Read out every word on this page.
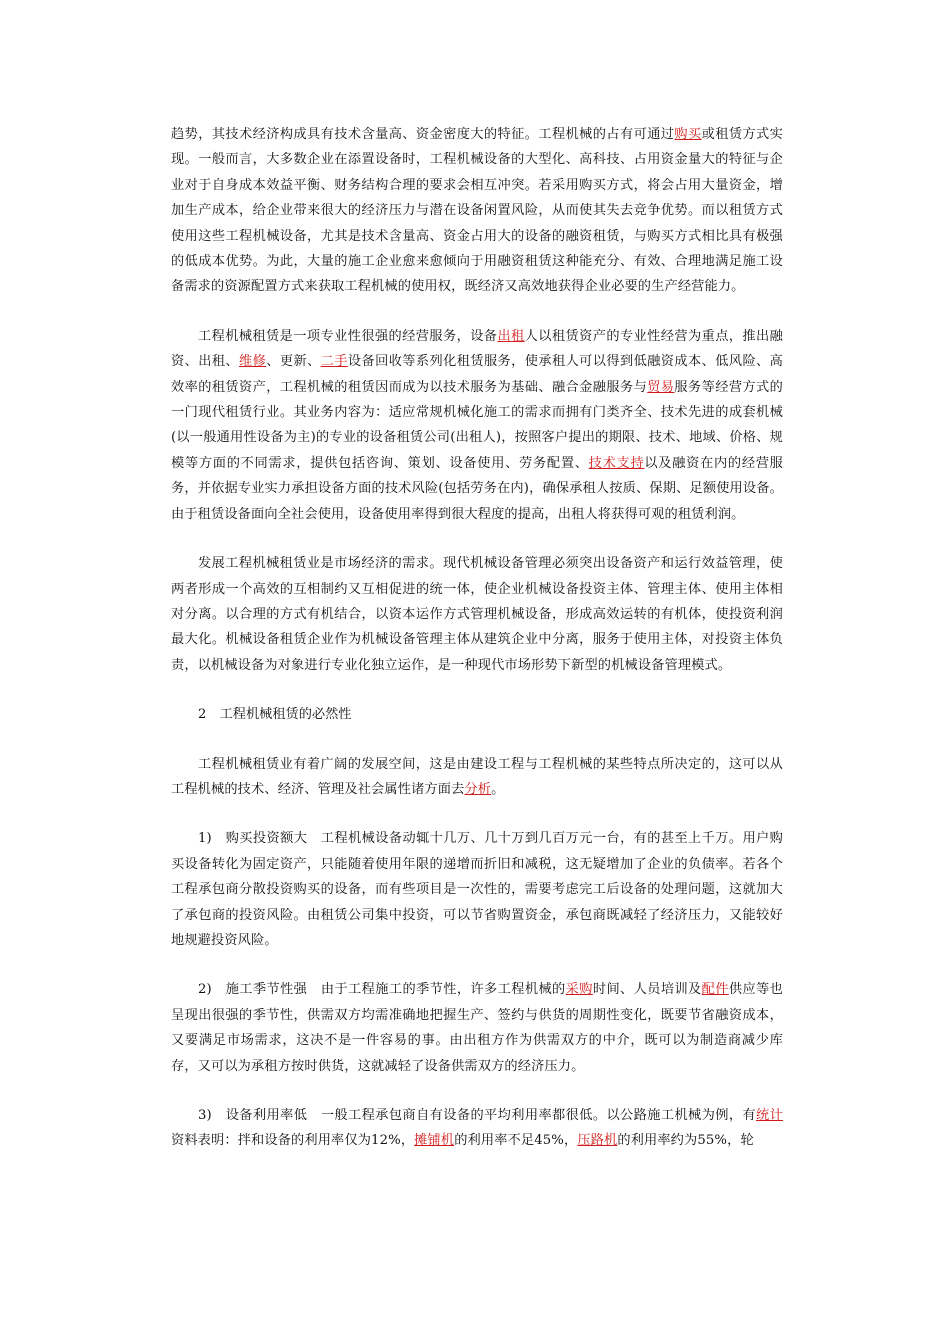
趋势，其技术经济构成具有技术含量高、资金密度大的特征。工程机械的占有可通过购买或租赁方式实现。一般而言，大多数企业在添置设备时，工程机械设备的大型化、高科技、占用资金量大的特征与企业对于自身成本效益平衡、财务结构合理的要求会相互冲突。若采用购买方式，将会占用大量资金，增加生产成本，给企业带来很大的经济压力与潜在设备闲置风险，从而使其失去竞争优势。而以租赁方式使用这些工程机械设备，尤其是技术含量高、资金占用大的设备的融资租赁，与购买方式相比具有极强的低成本优势。为此，大量的施工企业愈来愈倾向于用融资租赁这种能充分、有效、合理地满足施工设备需求的资源配置方式来获取工程机械的使用权，既经济又高效地获得企业必要的生产经营能力。

工程机械租赁是一项专业性很强的经营服务，设备出租人以租赁资产的专业性经营为重点，推出融资、出租、维修、更新、二手设备回收等系列化租赁服务，使承租人可以得到低融资成本、低风险、高效率的租赁资产，工程机械的租赁因而成为以技术服务为基础、融合金融服务与贸易服务等经营方式的一门现代租赁行业。其业务内容为：适应常规机械化施工的需求而拥有门类齐全、技术先进的成套机械(以一般通用性设备为主)的专业的设备租赁公司(出租人)，按照客户提出的期限、技术、地域、价格、规模等方面的不同需求，提供包括咨询、策划、设备使用、劳务配置、技术支持以及融资在内的经营服务，并依据专业实力承担设备方面的技术风险(包括劳务在内)，确保承租人按质、保期、足额使用设备。由于租赁设备面向全社会使用，设备使用率得到很大程度的提高，出租人将获得可观的租赁利润。

发展工程机械租赁业是市场经济的需求。现代机械设备管理必须突出设备资产和运行效益管理，使两者形成一个高效的互相制约又互相促进的统一体，使企业机械设备投资主体、管理主体、使用主体相对分离。以合理的方式有机结合，以资本运作方式管理机械设备，形成高效运转的有机体，使投资利润最大化。机械设备租赁企业作为机械设备管理主体从建筑企业中分离，服务于使用主体，对投资主体负责，以机械设备为对象进行专业化独立运作，是一种现代市场形势下新型的机械设备管理模式。

2　工程机械租赁的必然性

工程机械租赁业有着广阔的发展空间，这是由建设工程与工程机械的某些特点所决定的，这可以从工程机械的技术、经济、管理及社会属性诸方面去分析。

1)　购买投资额大　工程机械设备动辄十几万、几十万到几百万元一台，有的甚至上千万。用户购买设备转化为固定资产，只能随着使用年限的递增而折旧和减税，这无疑增加了企业的负债率。若各个工程承包商分散投资购买的设备，而有些项目是一次性的，需要考虑完工后设备的处理问题，这就加大了承包商的投资风险。由租赁公司集中投资，可以节省购置资金，承包商既减轻了经济压力，又能较好地规避投资风险。

2)　施工季节性强　由于工程施工的季节性，许多工程机械的采购时间、人员培训及配件供应等也呈现出很强的季节性，供需双方均需准确地把握生产、签约与供货的周期性变化，既要节省融资成本，又要满足市场需求，这决不是一件容易的事。由出租方作为供需双方的中介，既可以为制造商减少库存，又可以为承租方按时供货，这就减轻了设备供需双方的经济压力。

3)　设备利用率低　一般工程承包商自有设备的平均利用率都很低。以公路施工机械为例，有统计资料表明：拌和设备的利用率仅为12%，摊铺机的利用率不足45%，压路机的利用率约为55%，轮
